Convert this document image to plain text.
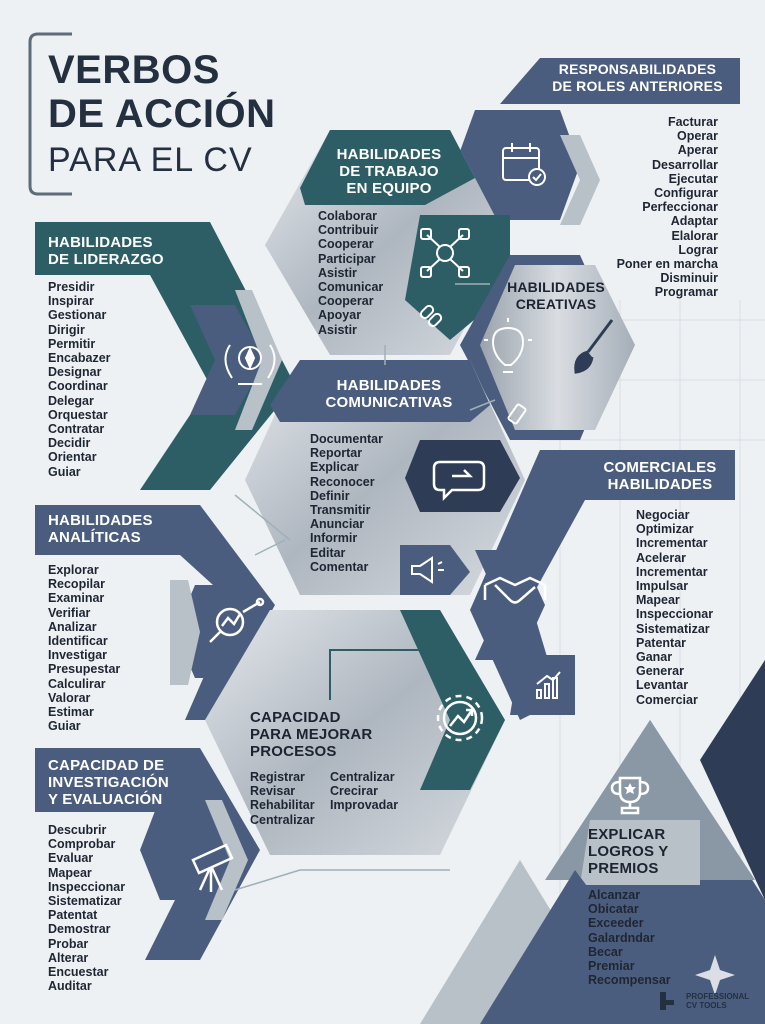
VERBOS
DE ACCIÓN
PARA EL CV
RESPONSABILIDADES
DE ROLES ANTERIORES
Facturar
Operar
Aperar
Desarrollar
Ejecutar
Configurar
Perfeccionar
Adaptar
Elalorar
Lograr
Poner en marcha
Disminuir
Programar
HABILIDADES
DE TRABAJO
EN EQUIPO
Colaborar
Contribuir
Cooperar
Participar
Asistir
Comunicar
Cooperar
Apoyar
Asistir
HABILIDADES
DE LIDERAZGO
Presidir
Inspirar
Gestionar
Dirigir
Permitir
Encabazer
Designar
Coordinar
Delegar
Orquestar
Contratar
Decidir
Orientar
Guiar
HABILIDADES
CREATIVAS
HABILIDADES
COMUNICATIVAS
Documentar
Reportar
Explicar
Reconocer
Definir
Transmitir
Anunciar
Informir
Editar
Comentar
COMERCIALES
HABILIDADES
Negociar
Optimizar
Incrementar
Acelerar
Incrementar
Impulsar
Mapear
Inspeccionar
Sistematizar
Patentar
Ganar
Generar
Levantar
Comerciar
HABILIDADES
ANALÍTICAS
Explorar
Recopilar
Examinar
Verifiar
Analizar
Identificar
Investigar
Presupestar
Calculirar
Valorar
Estimar
Guiar
CAPACIDAD
PARA MEJORAR
PROCESOS
Registrar
Revisar
Rehabilitar
Centralizar
Centralizar
Crecirar
Improvadar
CAPACIDAD DE
INVESTIGACIÓN
Y EVALUACIÓN
Descubrir
Comprobar
Evaluar
Mapear
Inspeccionar
Sistematizar
Patentat
Demostrar
Probar
Alterar
Encuestar
Auditar
EXPLICAR
LOGROS Y
PREMIOS
Alcanzar
Obicatar
Exceeder
Galardndar
Becar
Premiar
Recompensar
PROFESSIONAL
CV TOOLS
